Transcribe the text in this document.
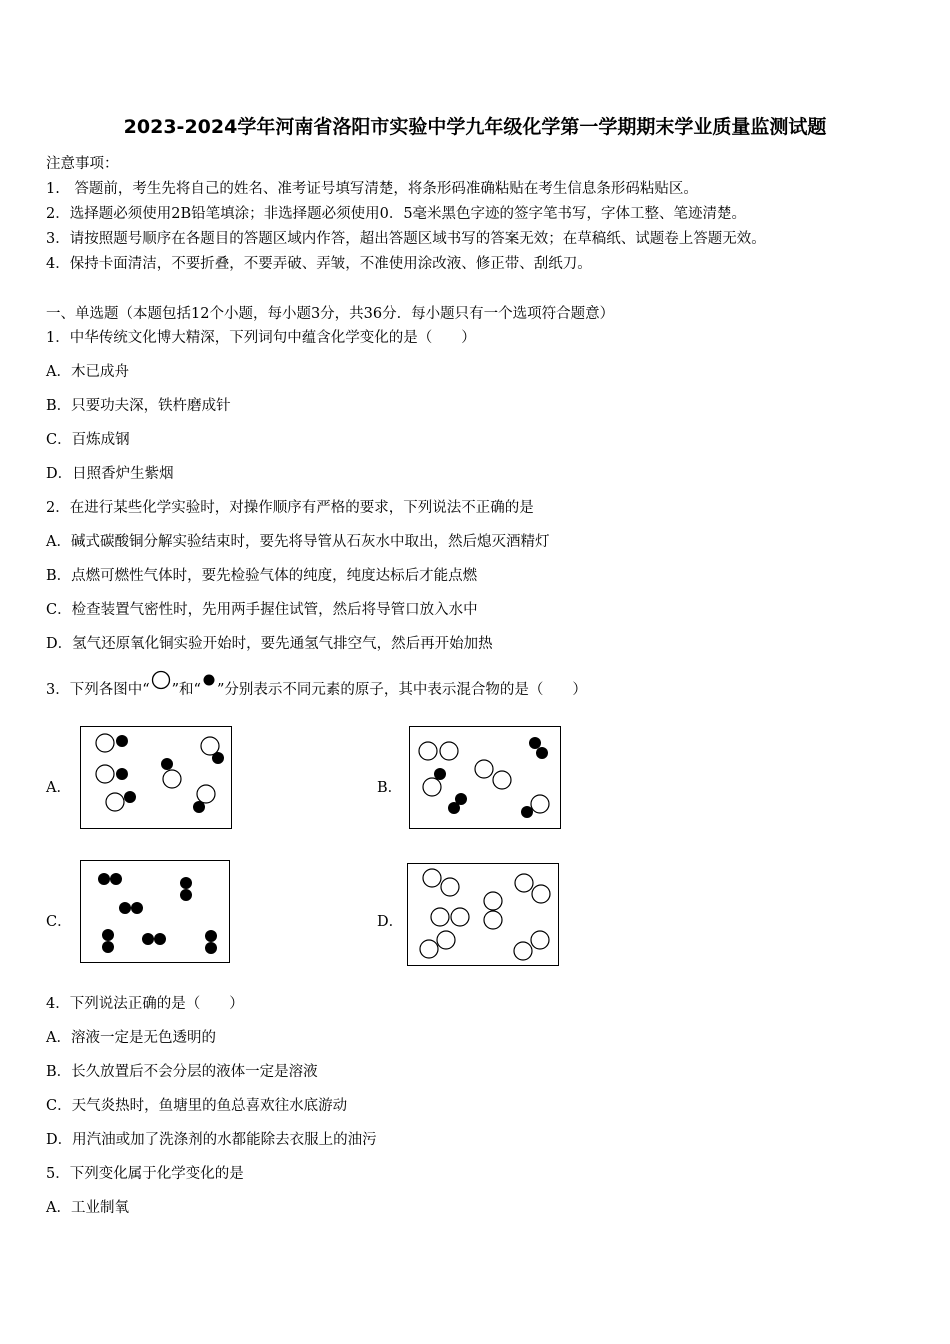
2023-2024学年河南省洛阳市实验中学九年级化学第一学期期末学业质量监测试题
注意事项：
1.　答题前，考生先将自己的姓名、准考证号填写清楚，将条形码准确粘贴在考生信息条形码粘贴区。
2．选择题必须使用2B铅笔填涂；非选择题必须使用0．5毫米黑色字迹的签字笔书写，字体工整、笔迹清楚。
3．请按照题号顺序在各题目的答题区域内作答，超出答题区域书写的答案无效；在草稿纸、试题卷上答题无效。
4．保持卡面清洁，不要折叠，不要弄破、弄皱，不准使用涂改液、修正带、刮纸刀。
一、单选题（本题包括12个小题，每小题3分，共36分．每小题只有一个选项符合题意）
1．中华传统文化博大精深，下列词句中蕴含化学变化的是（　　）
A．木已成舟
B．只要功夫深，铁杵磨成针
C．百炼成钢
D．日照香炉生紫烟
2．在进行某些化学实验时，对操作顺序有严格的要求，下列说法不正确的是
A．碱式碳酸铜分解实验结束时，要先将导管从石灰水中取出，然后熄灭酒精灯
B．点燃可燃性气体时，要先检验气体的纯度，纯度达标后才能点燃
C．检查装置气密性时，先用两手握住试管，然后将导管口放入水中
D．氢气还原氧化铜实验开始时，要先通氢气排空气，然后再开始加热
3．下列各图中“ ”和“ ”分别表示不同元素的原子，其中表示混合物的是（　　）
A．	B．
C．	D．
4．下列说法正确的是（　　）
A．溶液一定是无色透明的
B．长久放置后不会分层的液体一定是溶液
C．天气炎热时，鱼塘里的鱼总喜欢往水底游动
D．用汽油或加了洗涤剂的水都能除去衣服上的油污
5．下列变化属于化学变化的是
A．工业制氧
